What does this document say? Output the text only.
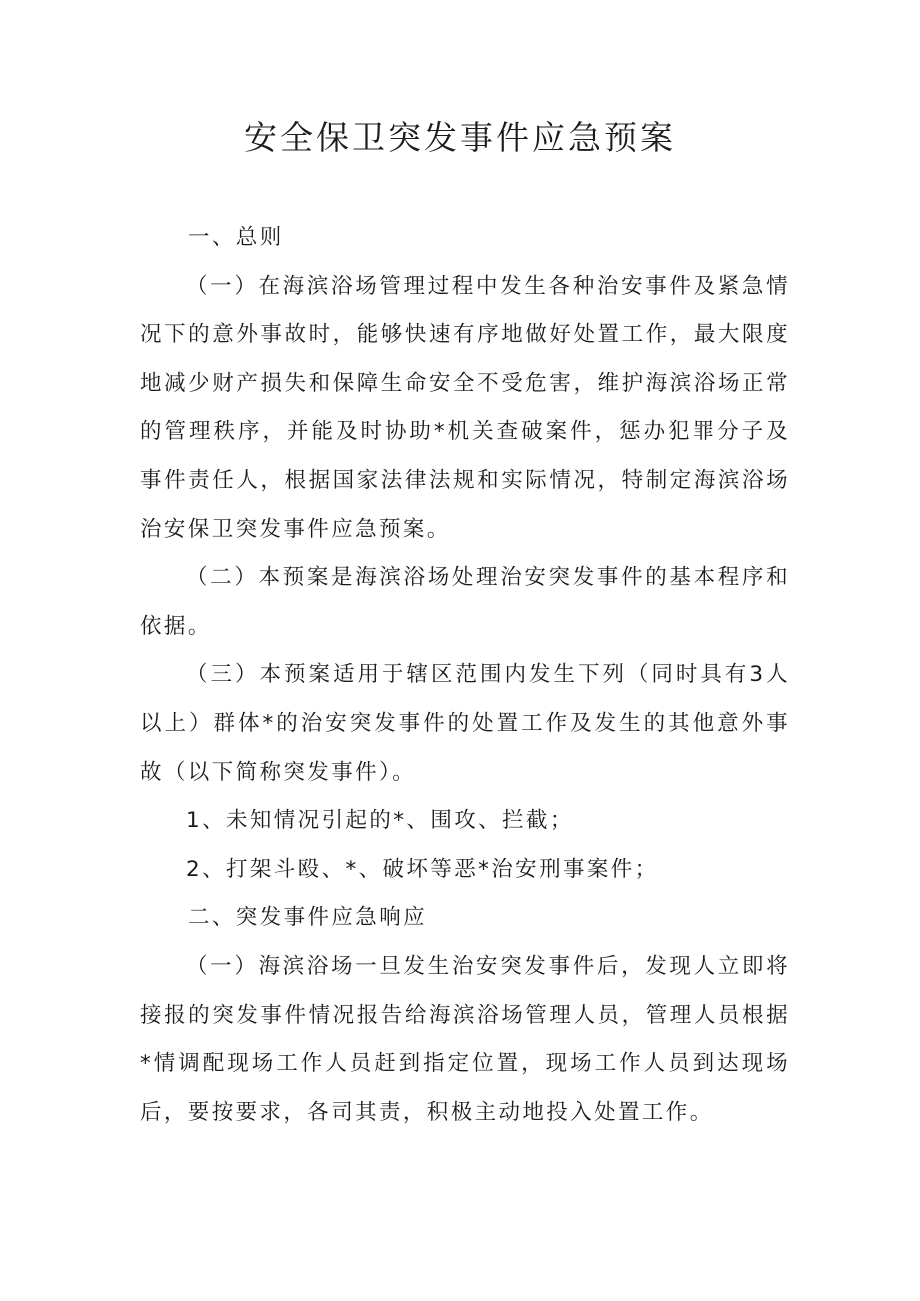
安全保卫突发事件应急预案

一、总则

（一）在海滨浴场管理过程中发生各种治安事件及紧急情况下的意外事故时，能够快速有序地做好处置工作，最大限度地减少财产损失和保障生命安全不受危害，维护海滨浴场正常的管理秩序，并能及时协助*机关查破案件，惩办犯罪分子及事件责任人，根据国家法律法规和实际情况，特制定海滨浴场治安保卫突发事件应急预案。

（二）本预案是海滨浴场处理治安突发事件的基本程序和依据。

（三）本预案适用于辖区范围内发生下列（同时具有3人以上）群体*的治安突发事件的处置工作及发生的其他意外事故（以下简称突发事件）。

1、未知情况引起的*、围攻、拦截；

2、打架斗殴、*、破坏等恶*治安刑事案件；

二、突发事件应急响应

（一）海滨浴场一旦发生治安突发事件后，发现人立即将接报的突发事件情况报告给海滨浴场管理人员，管理人员根据*情调配现场工作人员赶到指定位置，现场工作人员到达现场后，要按要求，各司其责，积极主动地投入处置工作。
